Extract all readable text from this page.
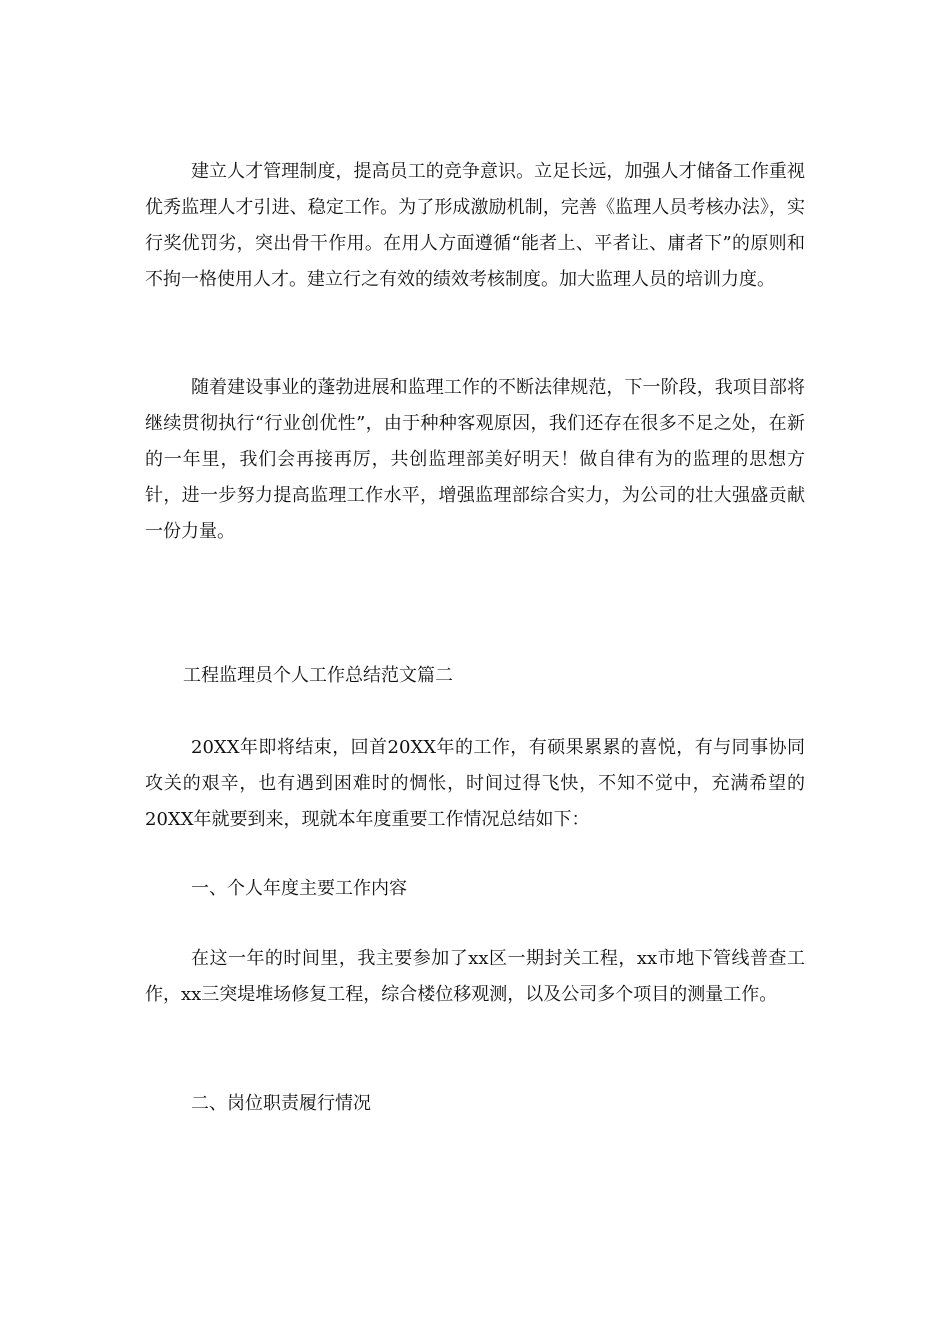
建立人才管理制度，提高员工的竞争意识。立足长远，加强人才储备工作重视优秀监理人才引进、稳定工作。为了形成激励机制，完善《监理人员考核办法》，实行奖优罚劣，突出骨干作用。在用人方面遵循“能者上、平者让、庸者下”的原则和不拘一格使用人才。建立行之有效的绩效考核制度。加大监理人员的培训力度。

随着建设事业的蓬勃进展和监理工作的不断法律规范，下一阶段，我项目部将继续贯彻执行“行业创优性”，由于种种客观原因，我们还存在很多不足之处，在新的一年里，我们会再接再厉，共创监理部美好明天！做自律有为的监理的思想方针，进一步努力提高监理工作水平，增强监理部综合实力，为公司的壮大强盛贡献一份力量。

工程监理员个人工作总结范文篇二

20XX年即将结束，回首20XX年的工作，有硕果累累的喜悦，有与同事协同攻关的艰辛，也有遇到困难时的惆怅，时间过得飞快，不知不觉中，充满希望的20XX年就要到来，现就本年度重要工作情况总结如下：

一、个人年度主要工作内容

在这一年的时间里，我主要参加了xx区一期封关工程，xx市地下管线普查工作，xx三突堤堆场修复工程，综合楼位移观测，以及公司多个项目的测量工作。

二、岗位职责履行情况
